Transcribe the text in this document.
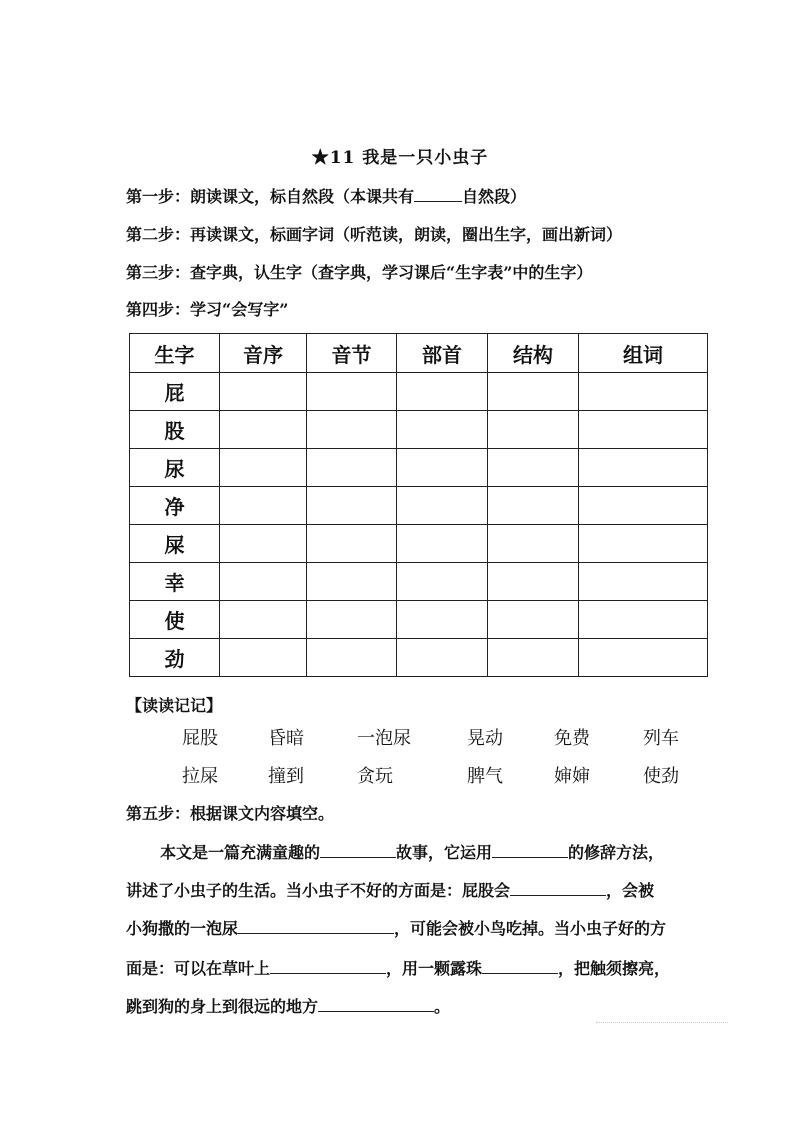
★11 我是一只小虫子
第一步：朗读课文，标自然段（本课共有	自然段）
第二步：再读课文，标画字词（听范读，朗读，圈出生字，画出新词）
第三步：查字典，认生字（查字典，学习课后“生字表”中的生字）
第四步：学习“会写字”
生字	音序	音节	部首	结构	组词
屁					
股					
尿					
净					
屎					
幸					
使					
劲					
【读读记记】
屁股	昏暗	一泡尿	晃动	免费	列车
拉屎	撞到	贪玩	脾气	婶婶	使劲
第五步：根据课文内容填空。
本文是一篇充满童趣的	故事，它运用	的修辞方法，
讲述了小虫子的生活。当小虫子不好的方面是：屁股会	，会被
小狗撒的一泡尿	，可能会被小鸟吃掉。当小虫子好的方
面是：可以在草叶上	，用一颗露珠	，把触须擦亮，
跳到狗的身上到很远的地方	。
